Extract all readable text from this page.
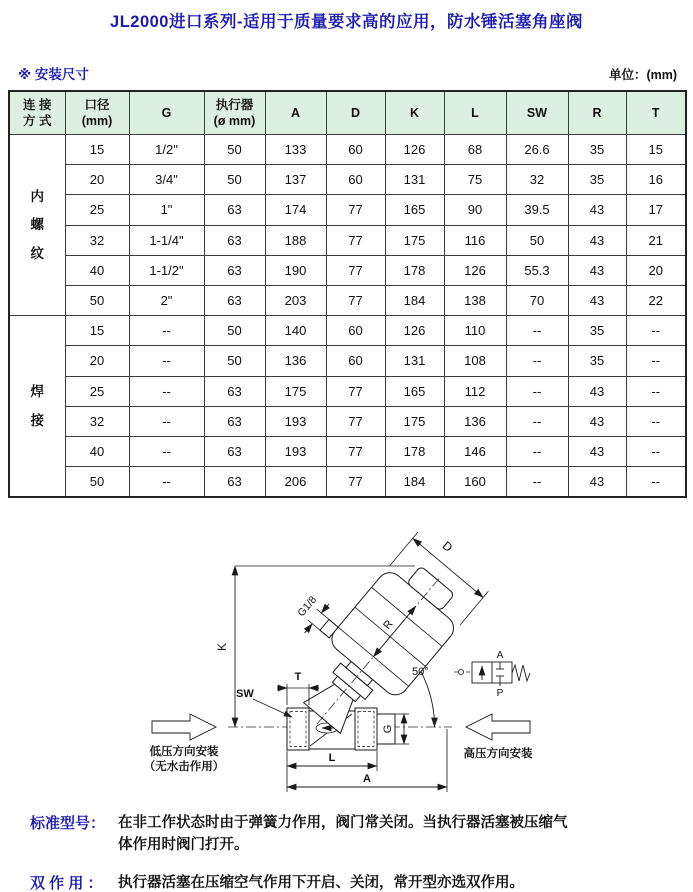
JL2000进口系列-适用于质量要求高的应用，防水锤活塞角座阀
※ 安装尺寸	单位：(mm)
连 接
方 式	口径
(mm)	G	执行器
(ø mm)	A	D	K	L	SW	R	T

内
螺
纹	15	1/2"	50	133	60	126	68	26.6	35	15
	20	3/4"	50	137	60	131	75	32	35	16
	25	1"	63	174	77	165	90	39.5	43	17
	32	1-1/4"	63	188	77	175	116	50	43	21
	40	1-1/2"	63	190	77	178	126	55.3	43	20
	50	2"	63	203	77	184	138	70	43	22

焊
接	15	--	50	140	60	126	110	--	35	--
	20	--	50	136	60	131	108	--	35	--
	25	--	63	175	77	165	112	--	43	--
	32	--	63	193	77	175	136	--	43	--
	40	--	63	193	77	178	146	--	43	--
	50	--	63	206	77	184	160	--	43	--
K
R
G1/8
D
50°
SW
T
G
L
A
低压方向安装
（无水击作用）
高压方向安装
A
P
标准型号： 在非工作状态时由于弹簧力作用，阀门常关闭。当执行器活塞被压缩气体作用时阀门打开。
双 作 用 ：	执行器活塞在压缩空气作用下开启、关闭，常开型亦选双作用。
